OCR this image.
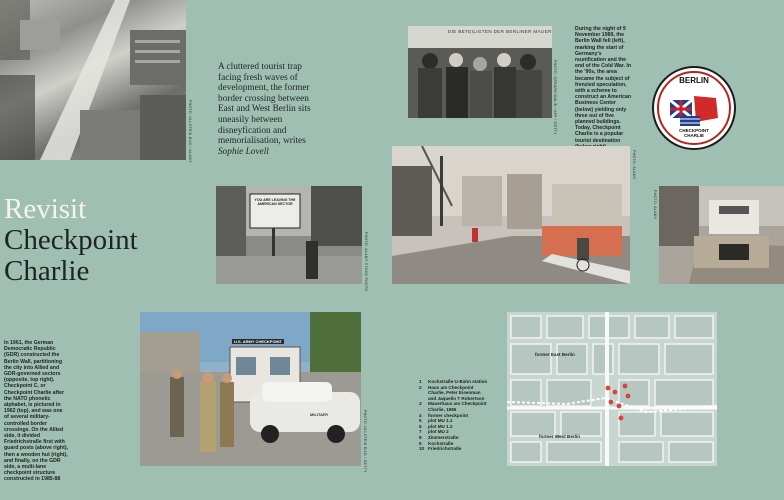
PHOTO: ULLSTEIN BILD / ALAMY
A cluttered tourist trap facing fresh waves of development, the former border crossing between East and West Berlin sits uneasily between disneyfication and memorialisation, writes Sophie Lovell
DIE BETEILIGTEN DER BERLINER MAUER
PHOTO: GERARD MALIE / AFP / GETTY
During the night of 9 November 1989, the Berlin Wall fell (left), marking the start of Germany's reunification and the end of the Cold War. In the '90s, the area became the subject of frenzied speculation, with a scheme to construct an American Business Center (below) yielding only three out of five planned buildings. Today, Checkpoint Charlie is a popular tourist destination
BERLIN
CHECKPOINT CHARLIE
Revisit
Checkpoint
Charlie
YOU ARE LEAVING THE AMERICAN SECTOR
PHOTO: ALAMY STOCK PHOTO
PHOTO: ALAMY
PHOTO: ALAMY
In 1961, the German Democratic Republic (GDR) constructed the Berlin Wall, partitioning the city into Allied and GDR-governed sectors (opposite, top right). Checkpoint C, or Checkpoint Charlie after the NATO phonetic alphabet, is pictured in 1962 (top), and was one of several military-controlled border crossings. On the Allied side, it divided Friedrichstraße first with guard posts (above right), then a wooden hut (right), and finally, on the GDR side, a multi-lane checkpoint structure constructed in 1985-88
U.S. ARMY CHECKPOINT
MILITARY	PHOTO: ULLSTEIN BILD / GETTY
1	Kochstraße U-Bahn station
2	Haus am Checkpoint Charlie, Peter Eisenman and Jaquelin T Robertson
3	Mauerhaus am Checkpoint Charlie, 1986
4	former checkpoint
5	plot MU 1.1
6	plot MU 1.2
7	plot MU 2
8	Zimmerstraße
9	Kochstraße
10 Friedrichstraße
former East Berlin
former West Berlin
